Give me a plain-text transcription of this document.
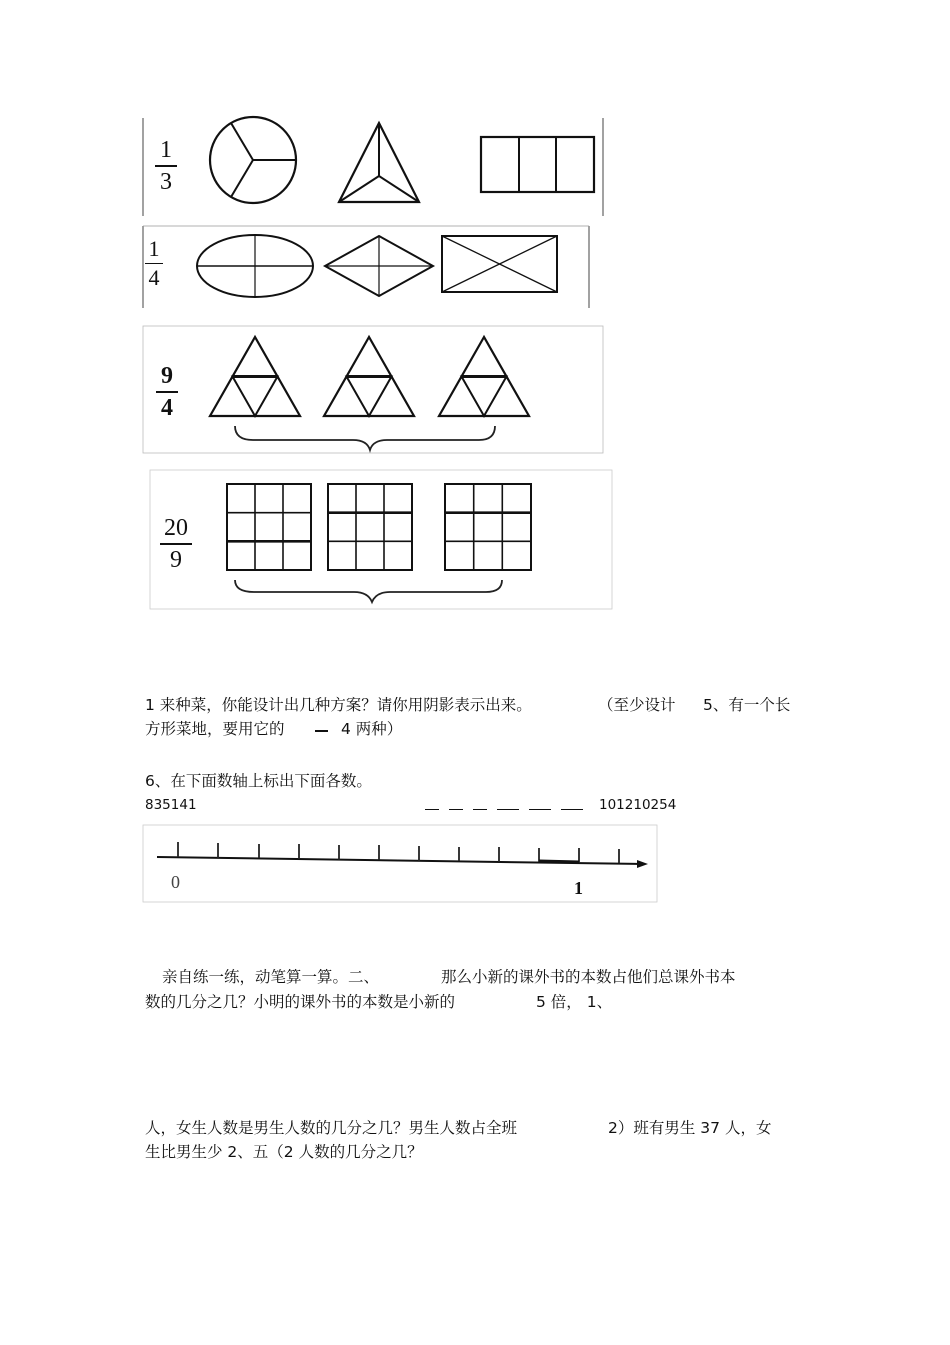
1
3
1
4
9
4
20
9
1 来种菜，你能设计出几种方案？请你用阴影表示出来。	（至少设计 5、有一个长
方形菜地，要用它的	4 两种）
6、在下面数轴上标出下面各数。
835141	101210254
0	1
亲自练一练，动笔算一算。二、	那么小新的课外书的本数占他们总课外书本
数的几分之几？小明的课外书的本数是小新的	5 倍， 1、
人，女生人数是男生人数的几分之几？男生人数占全班	2）班有男生 37 人，女
生比男生少 2、五（2 人数的几分之几？
